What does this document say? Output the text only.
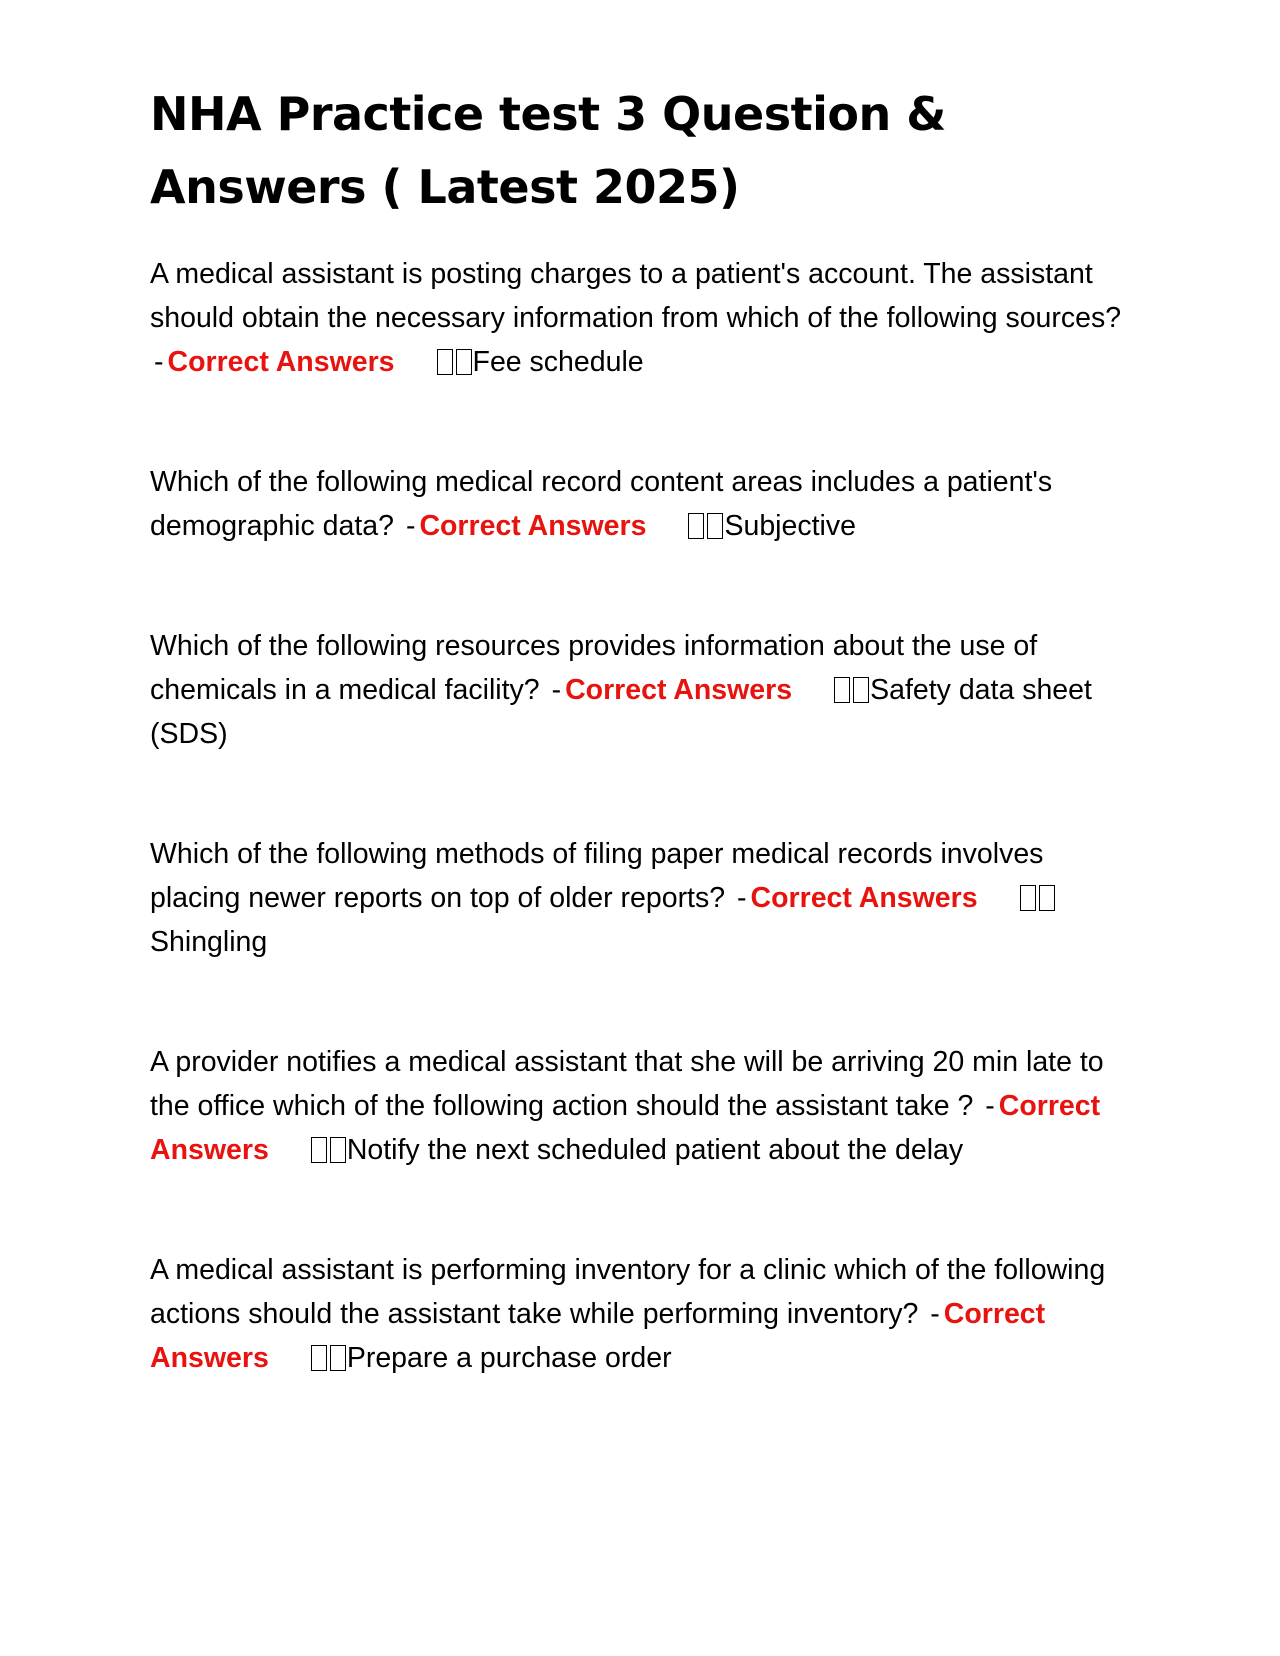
NHA Practice test 3 Question & Answers ( Latest 2025)

A medical assistant is posting charges to a patient's account. The assistant should obtain the necessary information from which of the following sources? - Correct Answers	Fee schedule

Which of the following medical record content areas includes a patient's demographic data? - Correct Answers	Subjective

Which of the following resources provides information about the use of chemicals in a medical facility? - Correct Answers	Safety data sheet (SDS)

Which of the following methods of filing paper medical records involves placing newer reports on top of older reports? - Correct AnswersShingling

A provider notifies a medical assistant that she will be arriving 20 min late to the office which of the following action should the assistant take ? - Correct Answers	Notify the next scheduled patient about the delay

A medical assistant is performing inventory for a clinic which of the following actions should the assistant take while performing inventory? - Correct Answers	Prepare a purchase order
